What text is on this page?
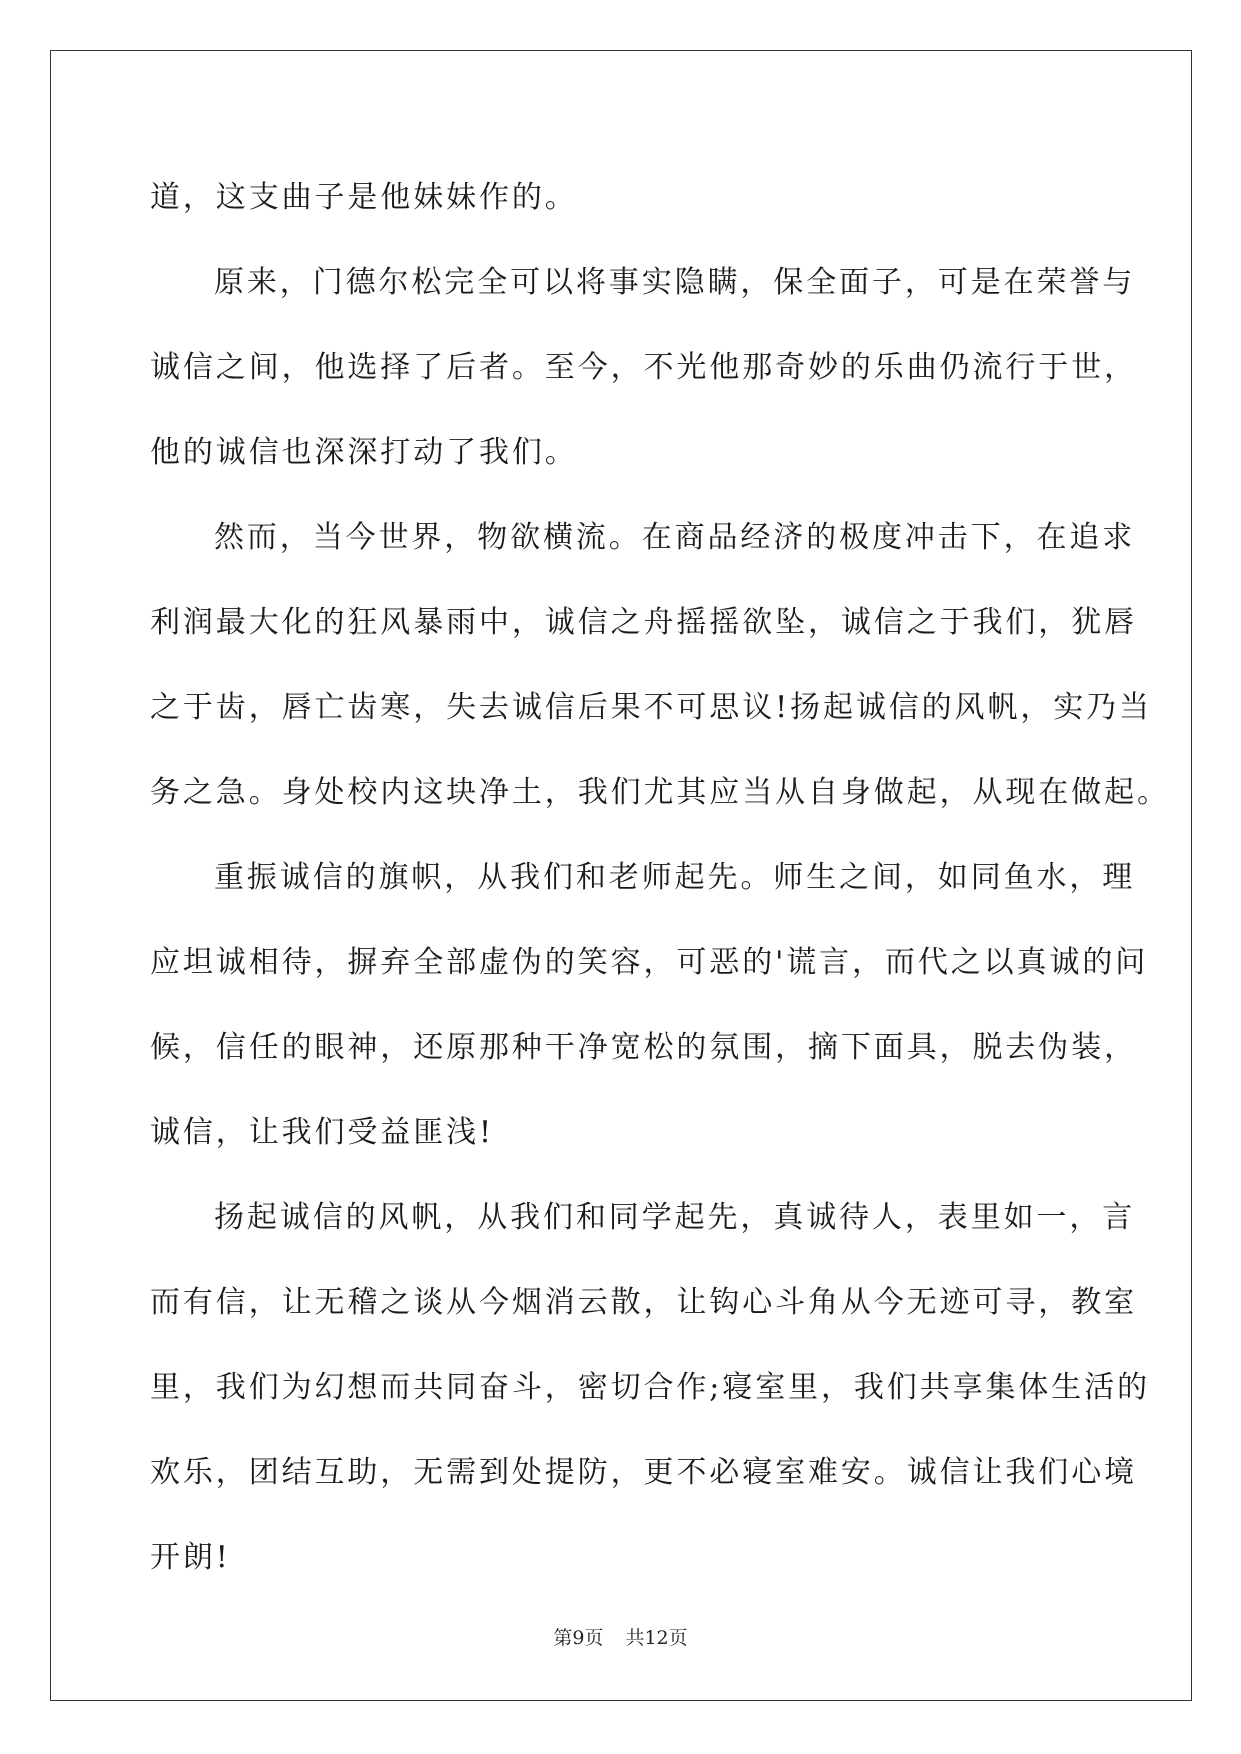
道，这支曲子是他妹妹作的。
原来，门德尔松完全可以将事实隐瞒，保全面子，可是在荣誉与
诚信之间，他选择了后者。至今，不光他那奇妙的乐曲仍流行于世，
他的诚信也深深打动了我们。
然而，当今世界，物欲横流。在商品经济的极度冲击下，在追求
利润最大化的狂风暴雨中，诚信之舟摇摇欲坠，诚信之于我们，犹唇
之于齿，唇亡齿寒，失去诚信后果不可思议!扬起诚信的风帆，实乃当
务之急。身处校内这块净土，我们尤其应当从自身做起，从现在做起。
重振诚信的旗帜，从我们和老师起先。师生之间，如同鱼水，理
应坦诚相待，摒弃全部虚伪的笑容，可恶的'谎言，而代之以真诚的问
候，信任的眼神，还原那种干净宽松的氛围，摘下面具，脱去伪装，
诚信，让我们受益匪浅!
扬起诚信的风帆，从我们和同学起先，真诚待人，表里如一，言
而有信，让无稽之谈从今烟消云散，让钩心斗角从今无迹可寻，教室
里，我们为幻想而共同奋斗，密切合作;寝室里，我们共享集体生活的
欢乐，团结互助，无需到处提防，更不必寝室难安。诚信让我们心境
开朗!
第9页 共12页
